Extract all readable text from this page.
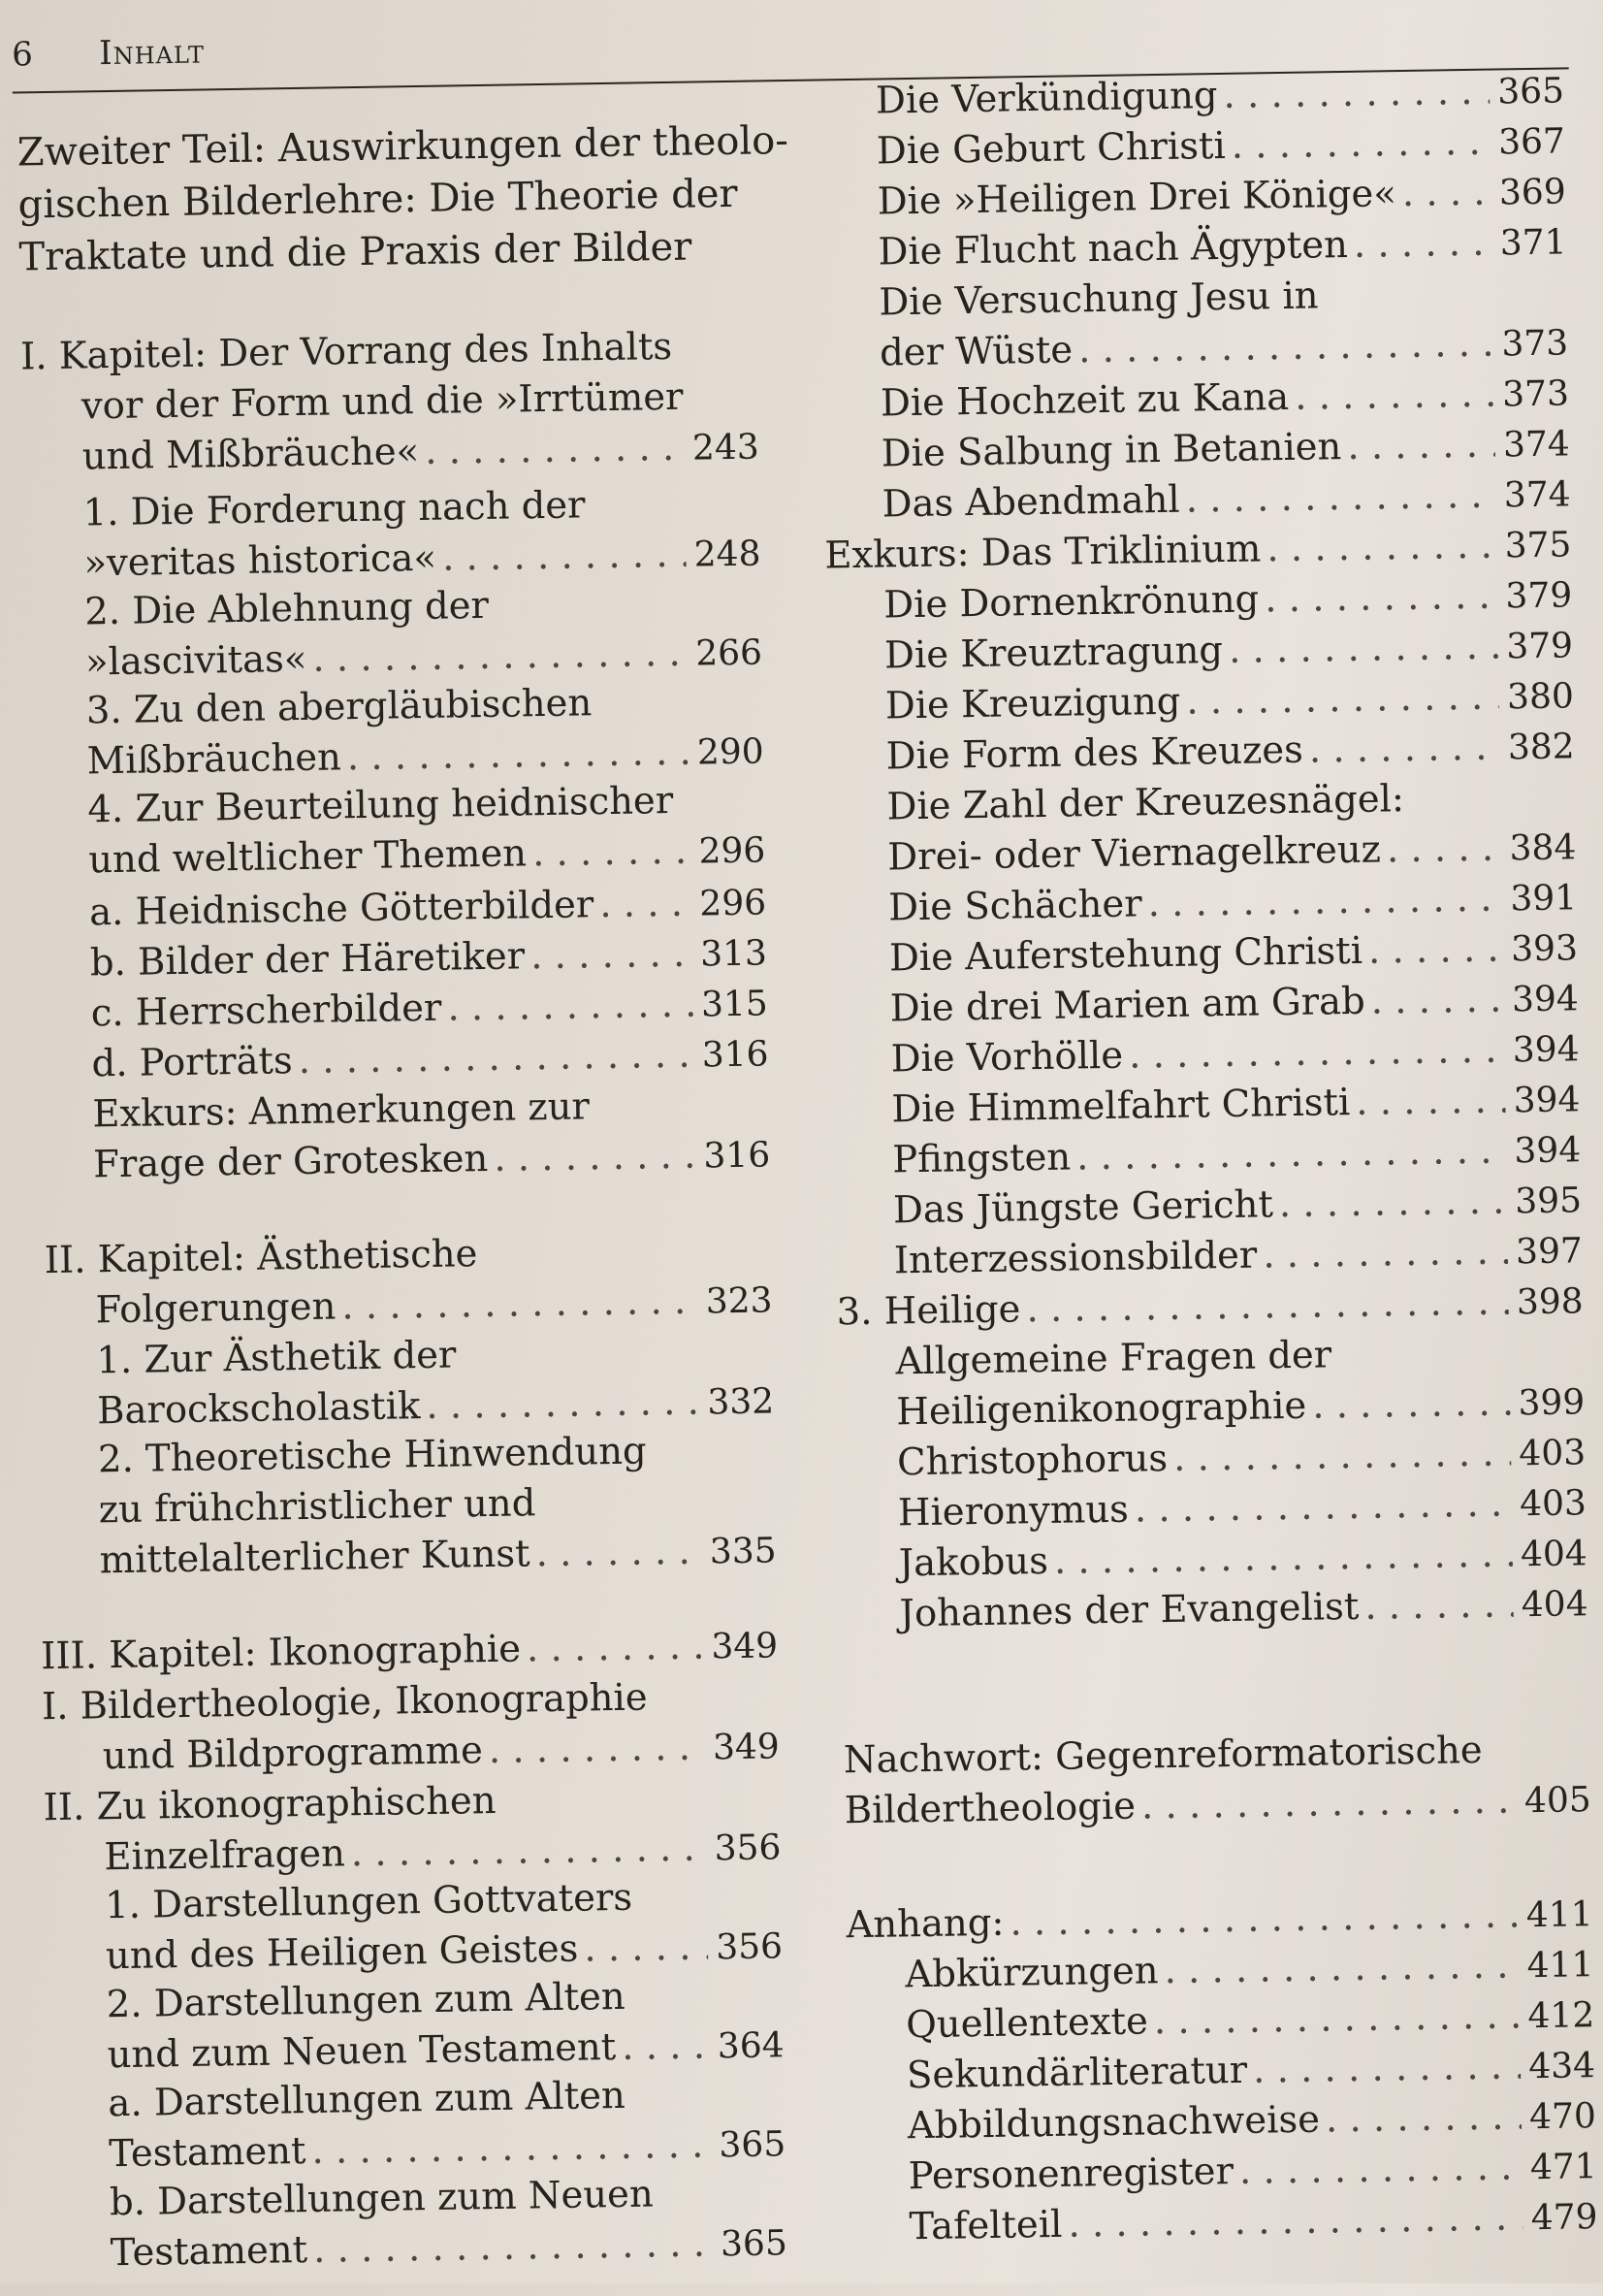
6 Inhalt
Zweiter Teil: Auswirkungen der theolo-
gischen Bilderlehre: Die Theorie der
Traktate und die Praxis der Bilder
I. Kapitel: Der Vorrang des Inhalts
vor der Form und die »Irrtümer
und Mißbräuche« . . .	243
1. Die Forderung nach der
»veritas historica« . . .	248
2. Die Ablehnung der
»lascivitas« . . .	266
3. Zu den abergläubischen
Mißbräuchen . . .	290
4. Zur Beurteilung heidnischer
und weltlicher Themen . . .	296
a. Heidnische Götterbilder . . .	296
b. Bilder der Häretiker . . .	313
c. Herrscherbilder . . .	315
d. Porträts . . .	316
Exkurs: Anmerkungen zur
Frage der Grotesken . . .	316
II. Kapitel: Ästhetische
Folgerungen . . .	323
1. Zur Ästhetik der
Barockscholastik . . .	332
2. Theoretische Hinwendung
zu frühchristlicher und
mittelalterlicher Kunst . . .	335
III. Kapitel: Ikonographie . . .	349
I. Bildertheologie, Ikonographie
und Bildprogramme . . .	349
II. Zu ikonographischen
Einzelfragen . . .	356
1. Darstellungen Gottvaters
und des Heiligen Geistes . . .	356
2. Darstellungen zum Alten
und zum Neuen Testament . . .	364
a. Darstellungen zum Alten
Testament . . .	365
b. Darstellungen zum Neuen
Testament . . .	365
Die Verkündigung . . .	365
Die Geburt Christi . . .	367
Die »Heiligen Drei Könige« . . .	369
Die Flucht nach Ägypten . . .	371
Die Versuchung Jesu in
der Wüste . . .	373
Die Hochzeit zu Kana . . .	373
Die Salbung in Betanien . . .	374
Das Abendmahl . . .	374
Exkurs: Das Triklinium . . .	375
Die Dornenkrönung . . .	379
Die Kreuztragung . . .	379
Die Kreuzigung . . .	380
Die Form des Kreuzes . . .	382
Die Zahl der Kreuzesnägel:
Drei- oder Viernagelkreuz . . .	384
Die Schächer . . .	391
Die Auferstehung Christi . . .	393
Die drei Marien am Grab . . .	394
Die Vorhölle . . .	394
Die Himmelfahrt Christi . . .	394
Pfingsten . . .	394
Das Jüngste Gericht . . .	395
Interzessionsbilder . . .	397
3. Heilige . . .	398
Allgemeine Fragen der
Heiligenikonographie . . .	399
Christophorus . . .	403
Hieronymus . . .	403
Jakobus . . .	404
Johannes der Evangelist . . .	404
Nachwort: Gegenreformatorische
Bildertheologie . . .	405
Anhang: . . .	411
Abkürzungen . . .	411
Quellentexte . . .	412
Sekundärliteratur . . .	434
Abbildungsnachweise . . .	470
Personenregister . . .	471
Tafelteil . . .	479
